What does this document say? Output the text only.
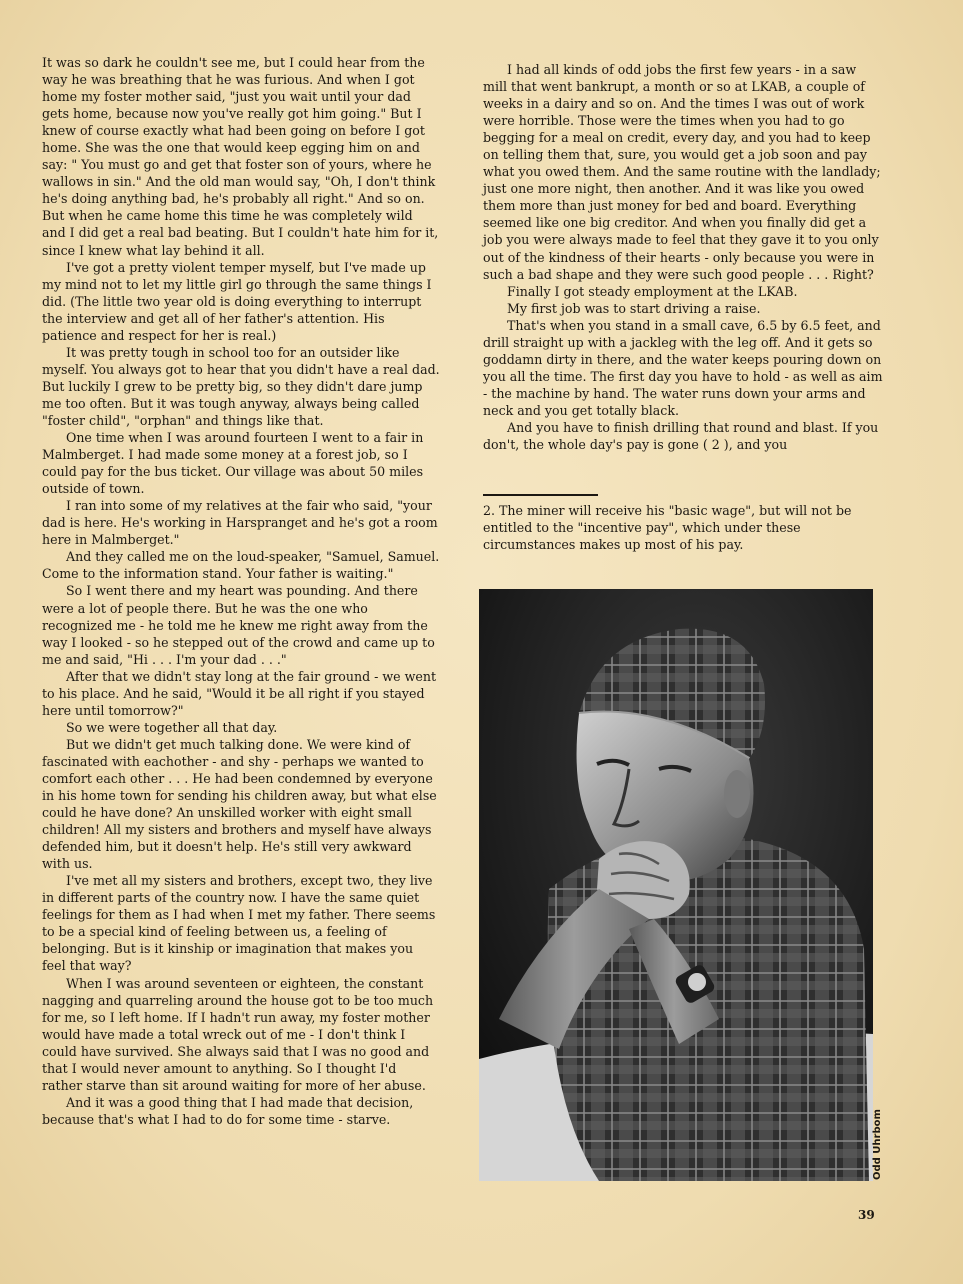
It was so dark he couldn't see me, but I could hear from the way he was breathing that he was furious. And when I got home my foster mother said, "just you wait until your dad gets home, because now you've really got him going." But I knew of course exactly what had been going on before I got home. She was the one that would keep egging him on and say: " You must go and get that foster son of yours, where he wallows in sin." And the old man would say, "Oh, I don't think he's doing anything bad, he's probably all right." And so on. But when he came home this time he was completely wild and I did get a real bad beating. But I couldn't hate him for it, since I knew what lay behind it all.

I've got a pretty violent temper myself, but I've made up my mind not to let my little girl go through the same things I did. (The little two year old is doing everything to interrupt the interview and get all of her father's attention. His patience and respect for her is real.)

It was pretty tough in school too for an outsider like myself. You always got to hear that you didn't have a real dad. But luckily I grew to be pretty big, so they didn't dare jump me too often. But it was tough anyway, always being called "foster child", "orphan" and things like that.

One time when I was around fourteen I went to a fair in Malmberget. I had made some money at a forest job, so I could pay for the bus ticket. Our village was about 50 miles outside of town.

I ran into some of my relatives at the fair who said, "your dad is here. He's working in Harspranget and he's got a room here in Malmberget."

And they called me on the loud-speaker, "Samuel, Samuel. Come to the information stand. Your father is waiting."

So I went there and my heart was pounding. And there were a lot of people there. But he was the one who recognized me - he told me he knew me right away from the way I looked - so he stepped out of the crowd and came up to me and said, "Hi . . . I'm your dad . . ."

After that we didn't stay long at the fair ground - we went to his place. And he said, "Would it be all right if you stayed here until tomorrow?"

So we were together all that day.

But we didn't get much talking done. We were kind of fascinated with eachother - and shy - perhaps we wanted to comfort each other . . . He had been condemned by everyone in his home town for sending his children away, but what else could he have done? An unskilled worker with eight small children! All my sisters and brothers and myself have always defended him, but it doesn't help. He's still very awkward with us.

I've met all my sisters and brothers, except two, they live in different parts of the country now. I have the same quiet feelings for them as I had when I met my father. There seems to be a special kind of feeling between us, a feeling of belonging. But is it kinship or imagination that makes you feel that way?

When I was around seventeen or eighteen, the constant nagging and quarreling around the house got to be too much for me, so I left home. If I hadn't run away, my foster mother would have made a total wreck out of me - I don't think I could have survived. She always said that I was no good and that I would never amount to anything. So I thought I'd rather starve than sit around waiting for more of her abuse.

And it was a good thing that I had made that decision, because that's what I had to do for some time - starve.

I had all kinds of odd jobs the first few years - in a saw mill that went bankrupt, a month or so at LKAB, a couple of weeks in a dairy and so on. And the times I was out of work were horrible. Those were the times when you had to go begging for a meal on credit, every day, and you had to keep on telling them that, sure, you would get a job soon and pay what you owed them. And the same routine with the landlady; just one more night, then another. And it was like you owed them more than just money for bed and board. Everything seemed like one big creditor. And when you finally did get a job you were always made to feel that they gave it to you only out of the kindness of their hearts - only because you were in such a bad shape and they were such good people . . . Right?

Finally I got steady employment at the LKAB.

My first job was to start driving a raise.

That's when you stand in a small cave, 6.5 by 6.5 feet, and drill straight up with a jackleg with the leg off. And it gets so goddamn dirty in there, and the water keeps pouring down on you all the time. The first day you have to hold - as well as aim - the machine by hand. The water runs down your arms and neck and you get totally black.

And you have to finish drilling that round and blast. If you don't, the whole day's pay is gone ( 2 ), and you

2. The miner will receive his "basic wage", but will not be entitled to the "incentive pay", which under these circumstances makes up most of his pay.

Odd Uhrbom
39
